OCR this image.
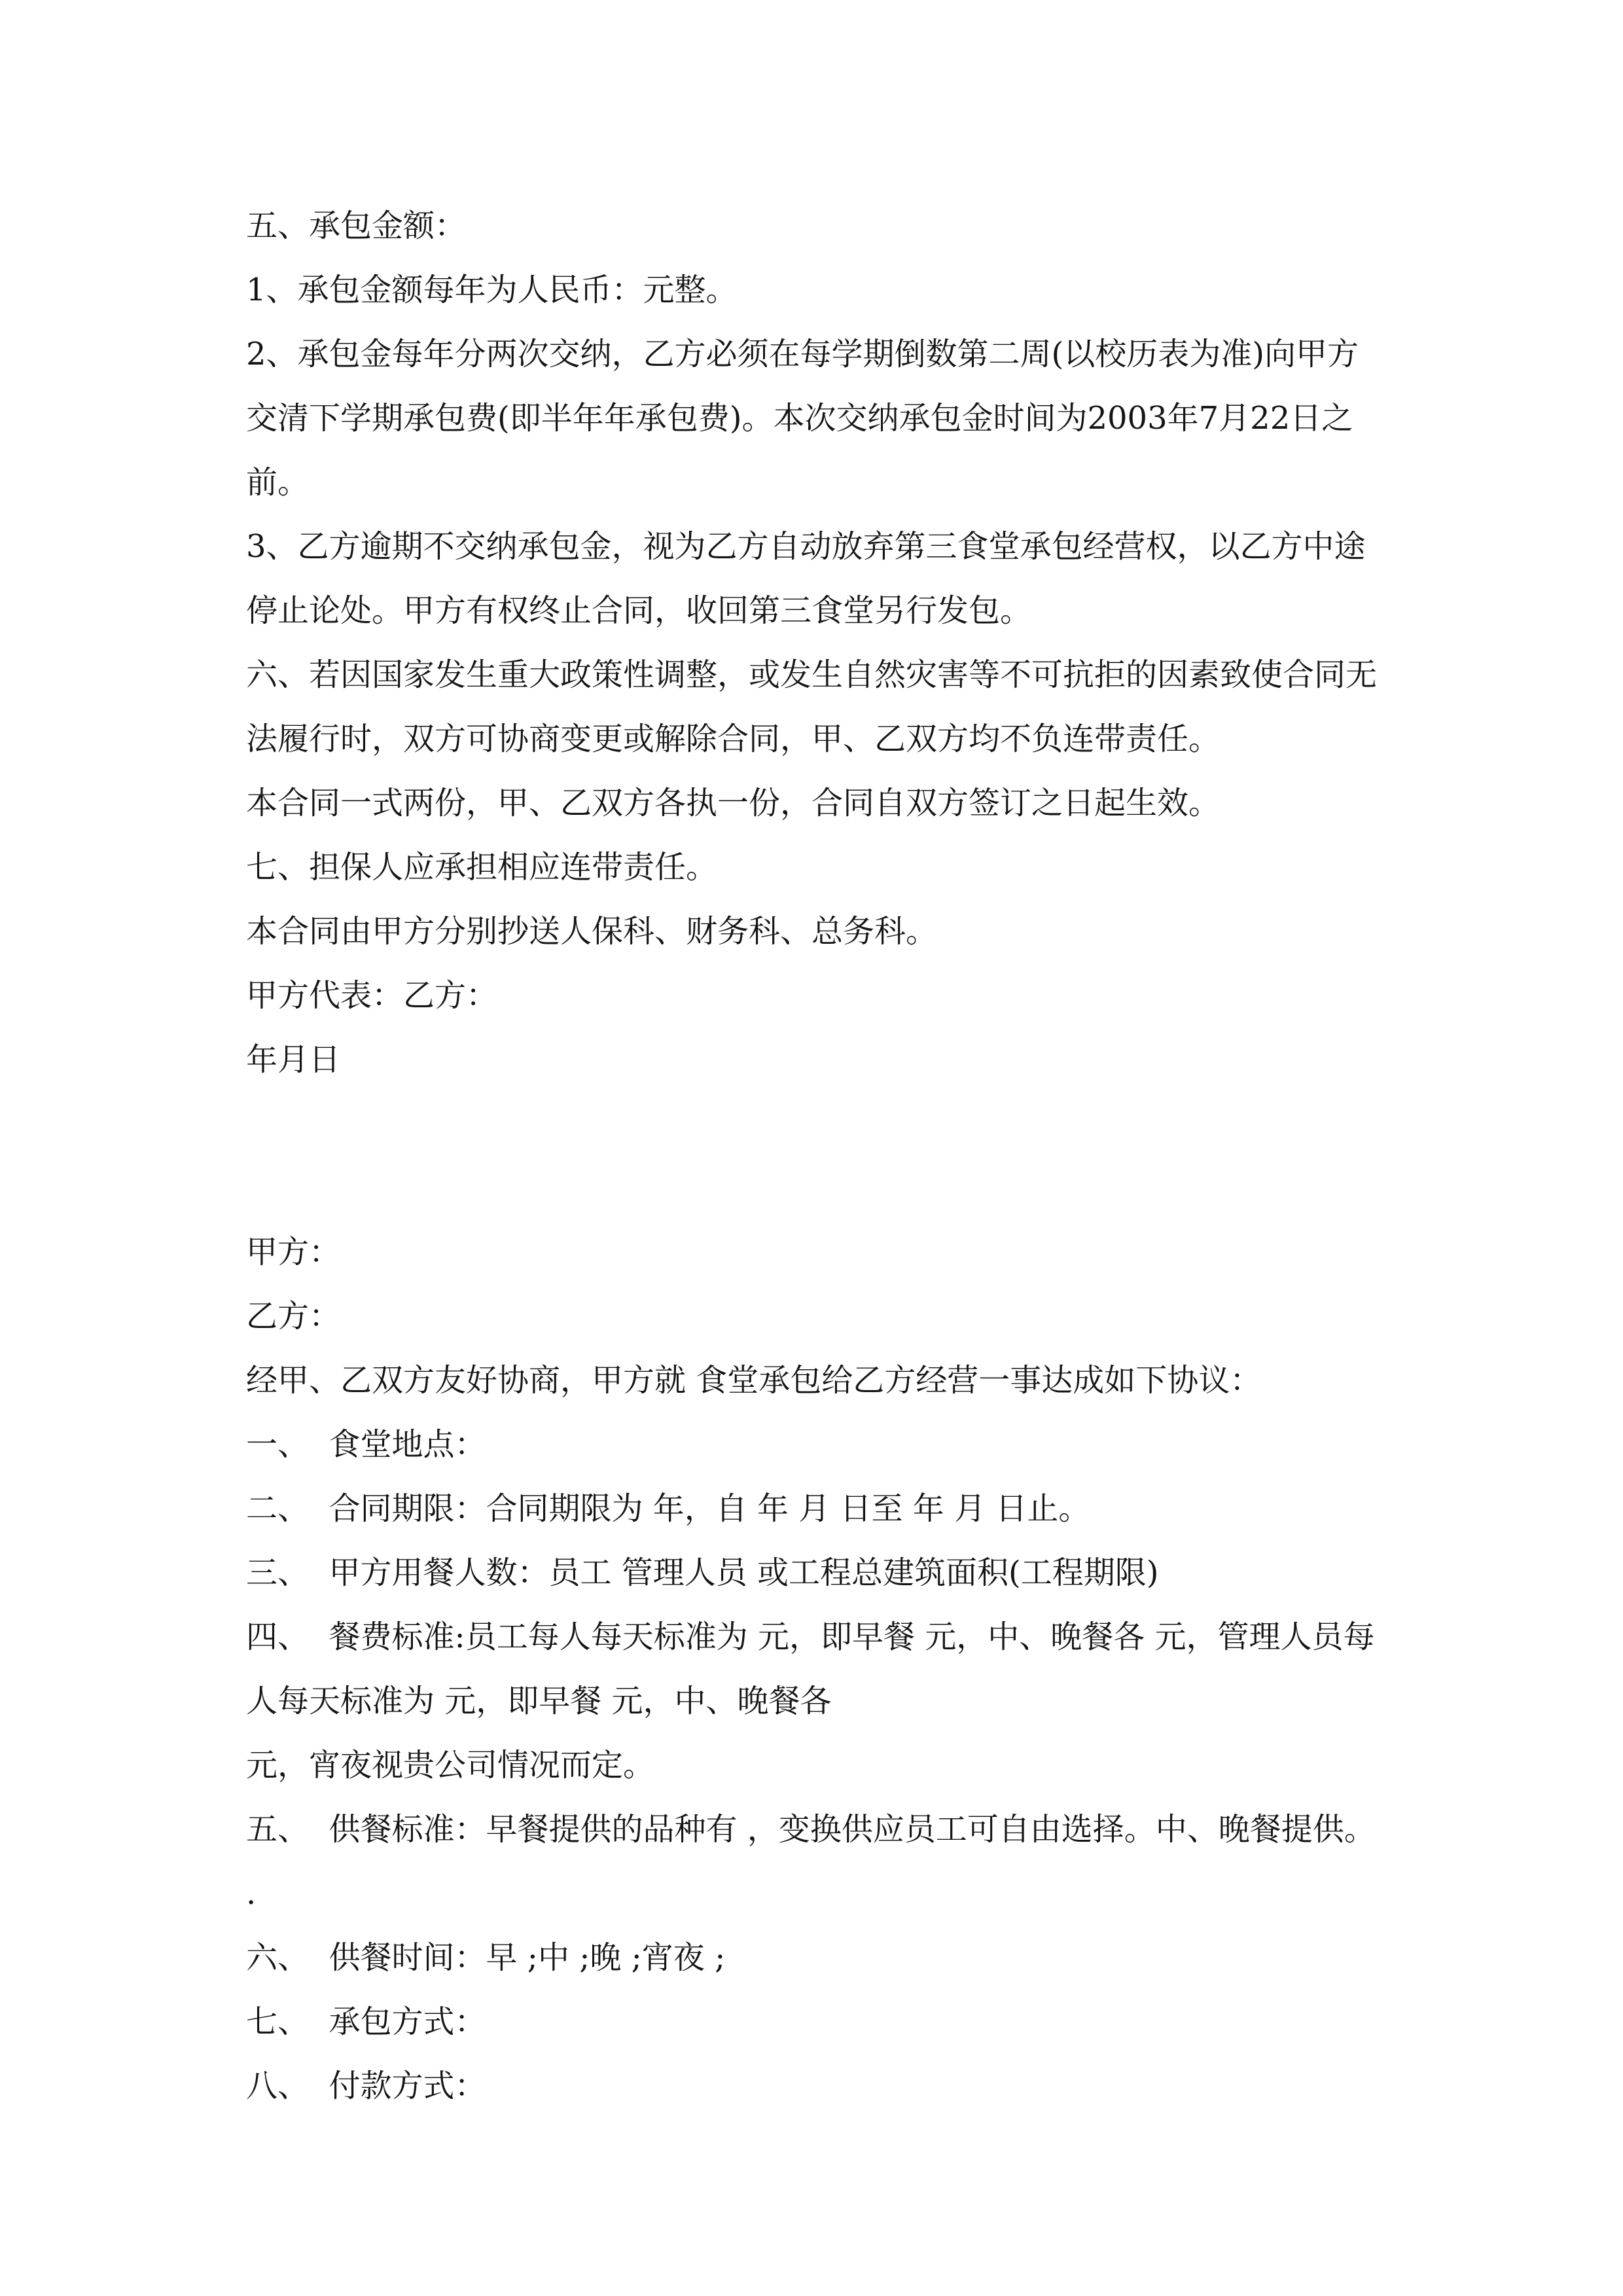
五、承包金额：

1、承包金额每年为人民币：元整。

2、承包金每年分两次交纳，乙方必须在每学期倒数第二周(以校历表为准)向甲方交清下学期承包费(即半年年承包费)。本次交纳承包金时间为2003年7月22日之前。

3、乙方逾期不交纳承包金，视为乙方自动放弃第三食堂承包经营权，以乙方中途停止论处。甲方有权终止合同，收回第三食堂另行发包。

六、若因国家发生重大政策性调整，或发生自然灾害等不可抗拒的因素致使合同无法履行时，双方可协商变更或解除合同，甲、乙双方均不负连带责任。

本合同一式两份，甲、乙双方各执一份，合同自双方签订之日起生效。

七、担保人应承担相应连带责任。

本合同由甲方分别抄送人保科、财务科、总务科。

甲方代表：乙方：

年月日

甲方：

乙方：

经甲、乙双方友好协商，甲方就 食堂承包给乙方经营一事达成如下协议：

一、  食堂地点：

二、  合同期限：合同期限为 年，自 年 月 日至 年 月 日止。

三、  甲方用餐人数：员工 管理人员 或工程总建筑面积(工程期限)

四、  餐费标准:员工每人每天标准为 元，即早餐 元，中、晚餐各 元，管理人员每人每天标准为 元，即早餐 元，中、晚餐各

元，宵夜视贵公司情况而定。

五、  供餐标准：早餐提供的品种有 ，变换供应员工可自由选择。中、晚餐提供。 .

六、  供餐时间：早 ;中 ;晚 ;宵夜 ;

七、  承包方式：

八、  付款方式：
